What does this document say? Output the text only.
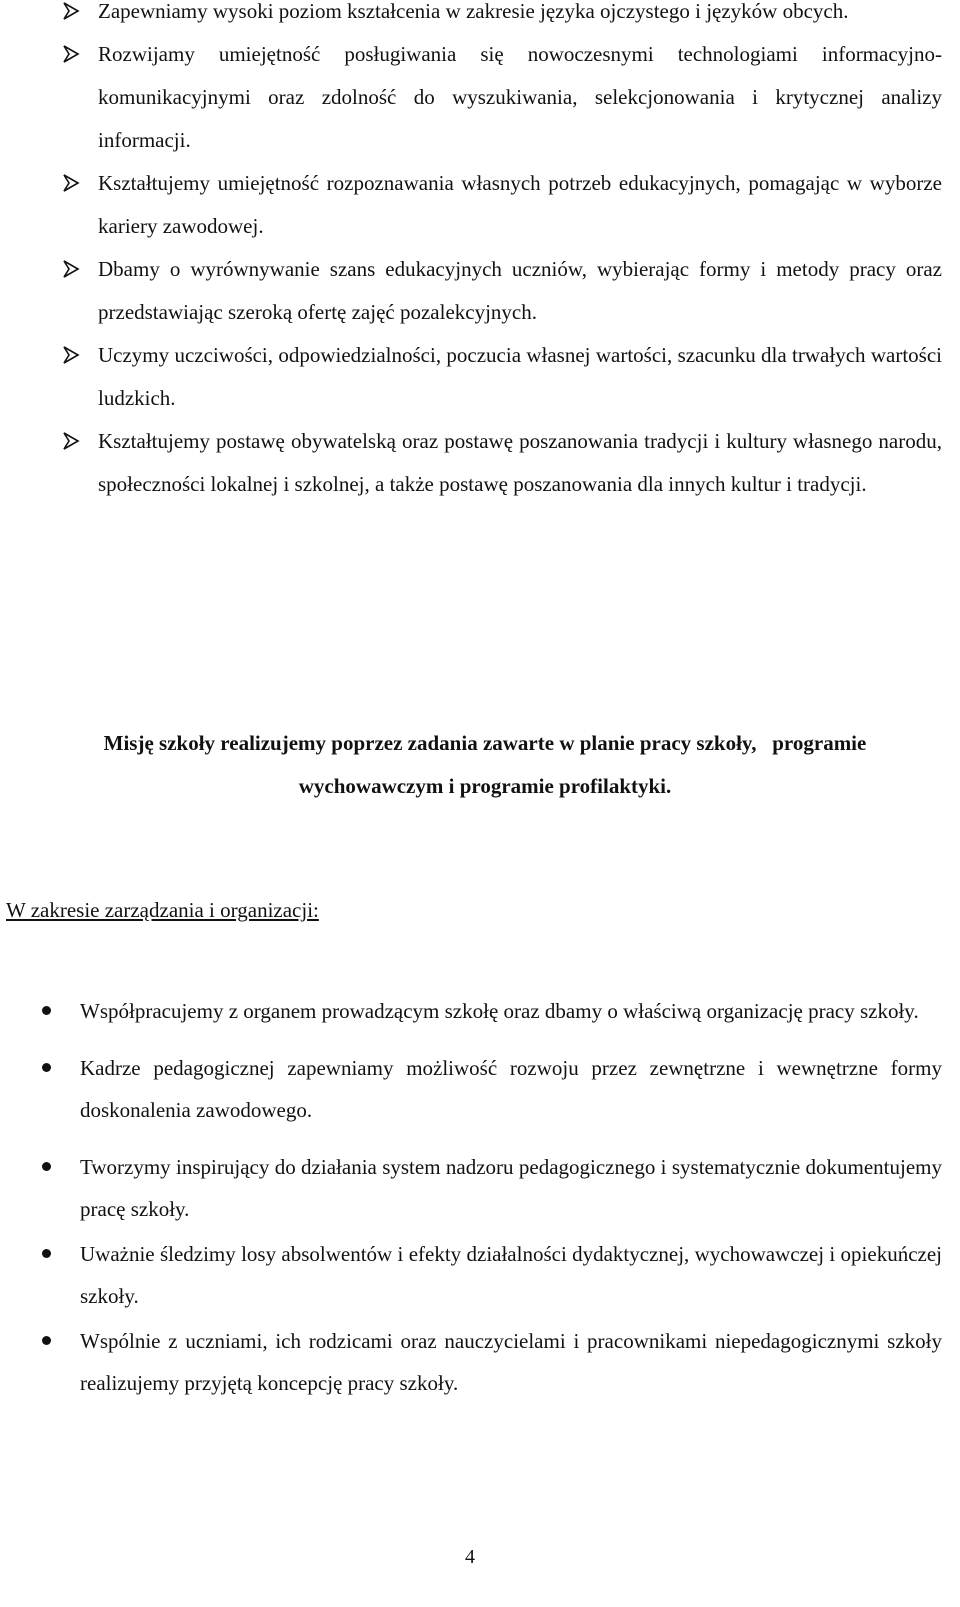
Zapewniamy wysoki poziom kształcenia w zakresie języka ojczystego i języków obcych.
Rozwijamy umiejętność posługiwania się nowoczesnymi technologiami informacyjno-komunikacyjnymi oraz zdolność do wyszukiwania, selekcjonowania i krytycznej analizy informacji.
Kształtujemy umiejętność rozpoznawania własnych potrzeb edukacyjnych, pomagając w wyborze kariery zawodowej.
Dbamy o wyrównywanie szans edukacyjnych uczniów, wybierając formy i metody pracy oraz przedstawiając szeroką ofertę zajęć pozalekcyjnych.
Uczymy uczciwości, odpowiedzialności, poczucia własnej wartości, szacunku dla trwałych wartości ludzkich.
Kształtujemy postawę obywatelską oraz postawę poszanowania tradycji i kultury własnego narodu, społeczności lokalnej i szkolnej, a także postawę poszanowania dla innych kultur i tradycji.
Misję szkoły realizujemy poprzez zadania zawarte w planie pracy szkoły,   programie
wychowawczym i programie profilaktyki.
W zakresie zarządzania i organizacji:
Współpracujemy z organem prowadzącym szkołę oraz dbamy o właściwą organizację pracy szkoły.
Kadrze pedagogicznej zapewniamy możliwość rozwoju przez zewnętrzne i wewnętrzne formy doskonalenia zawodowego.
Tworzymy inspirujący do działania system nadzoru pedagogicznego i systematycznie dokumentujemy pracę szkoły.
Uważnie śledzimy losy absolwentów i efekty działalności dydaktycznej, wychowawczej i opiekuńczej szkoły.
Wspólnie z uczniami, ich rodzicami oraz nauczycielami i pracownikami niepedagogicznymi szkoły realizujemy przyjętą koncepcję pracy szkoły.
4
